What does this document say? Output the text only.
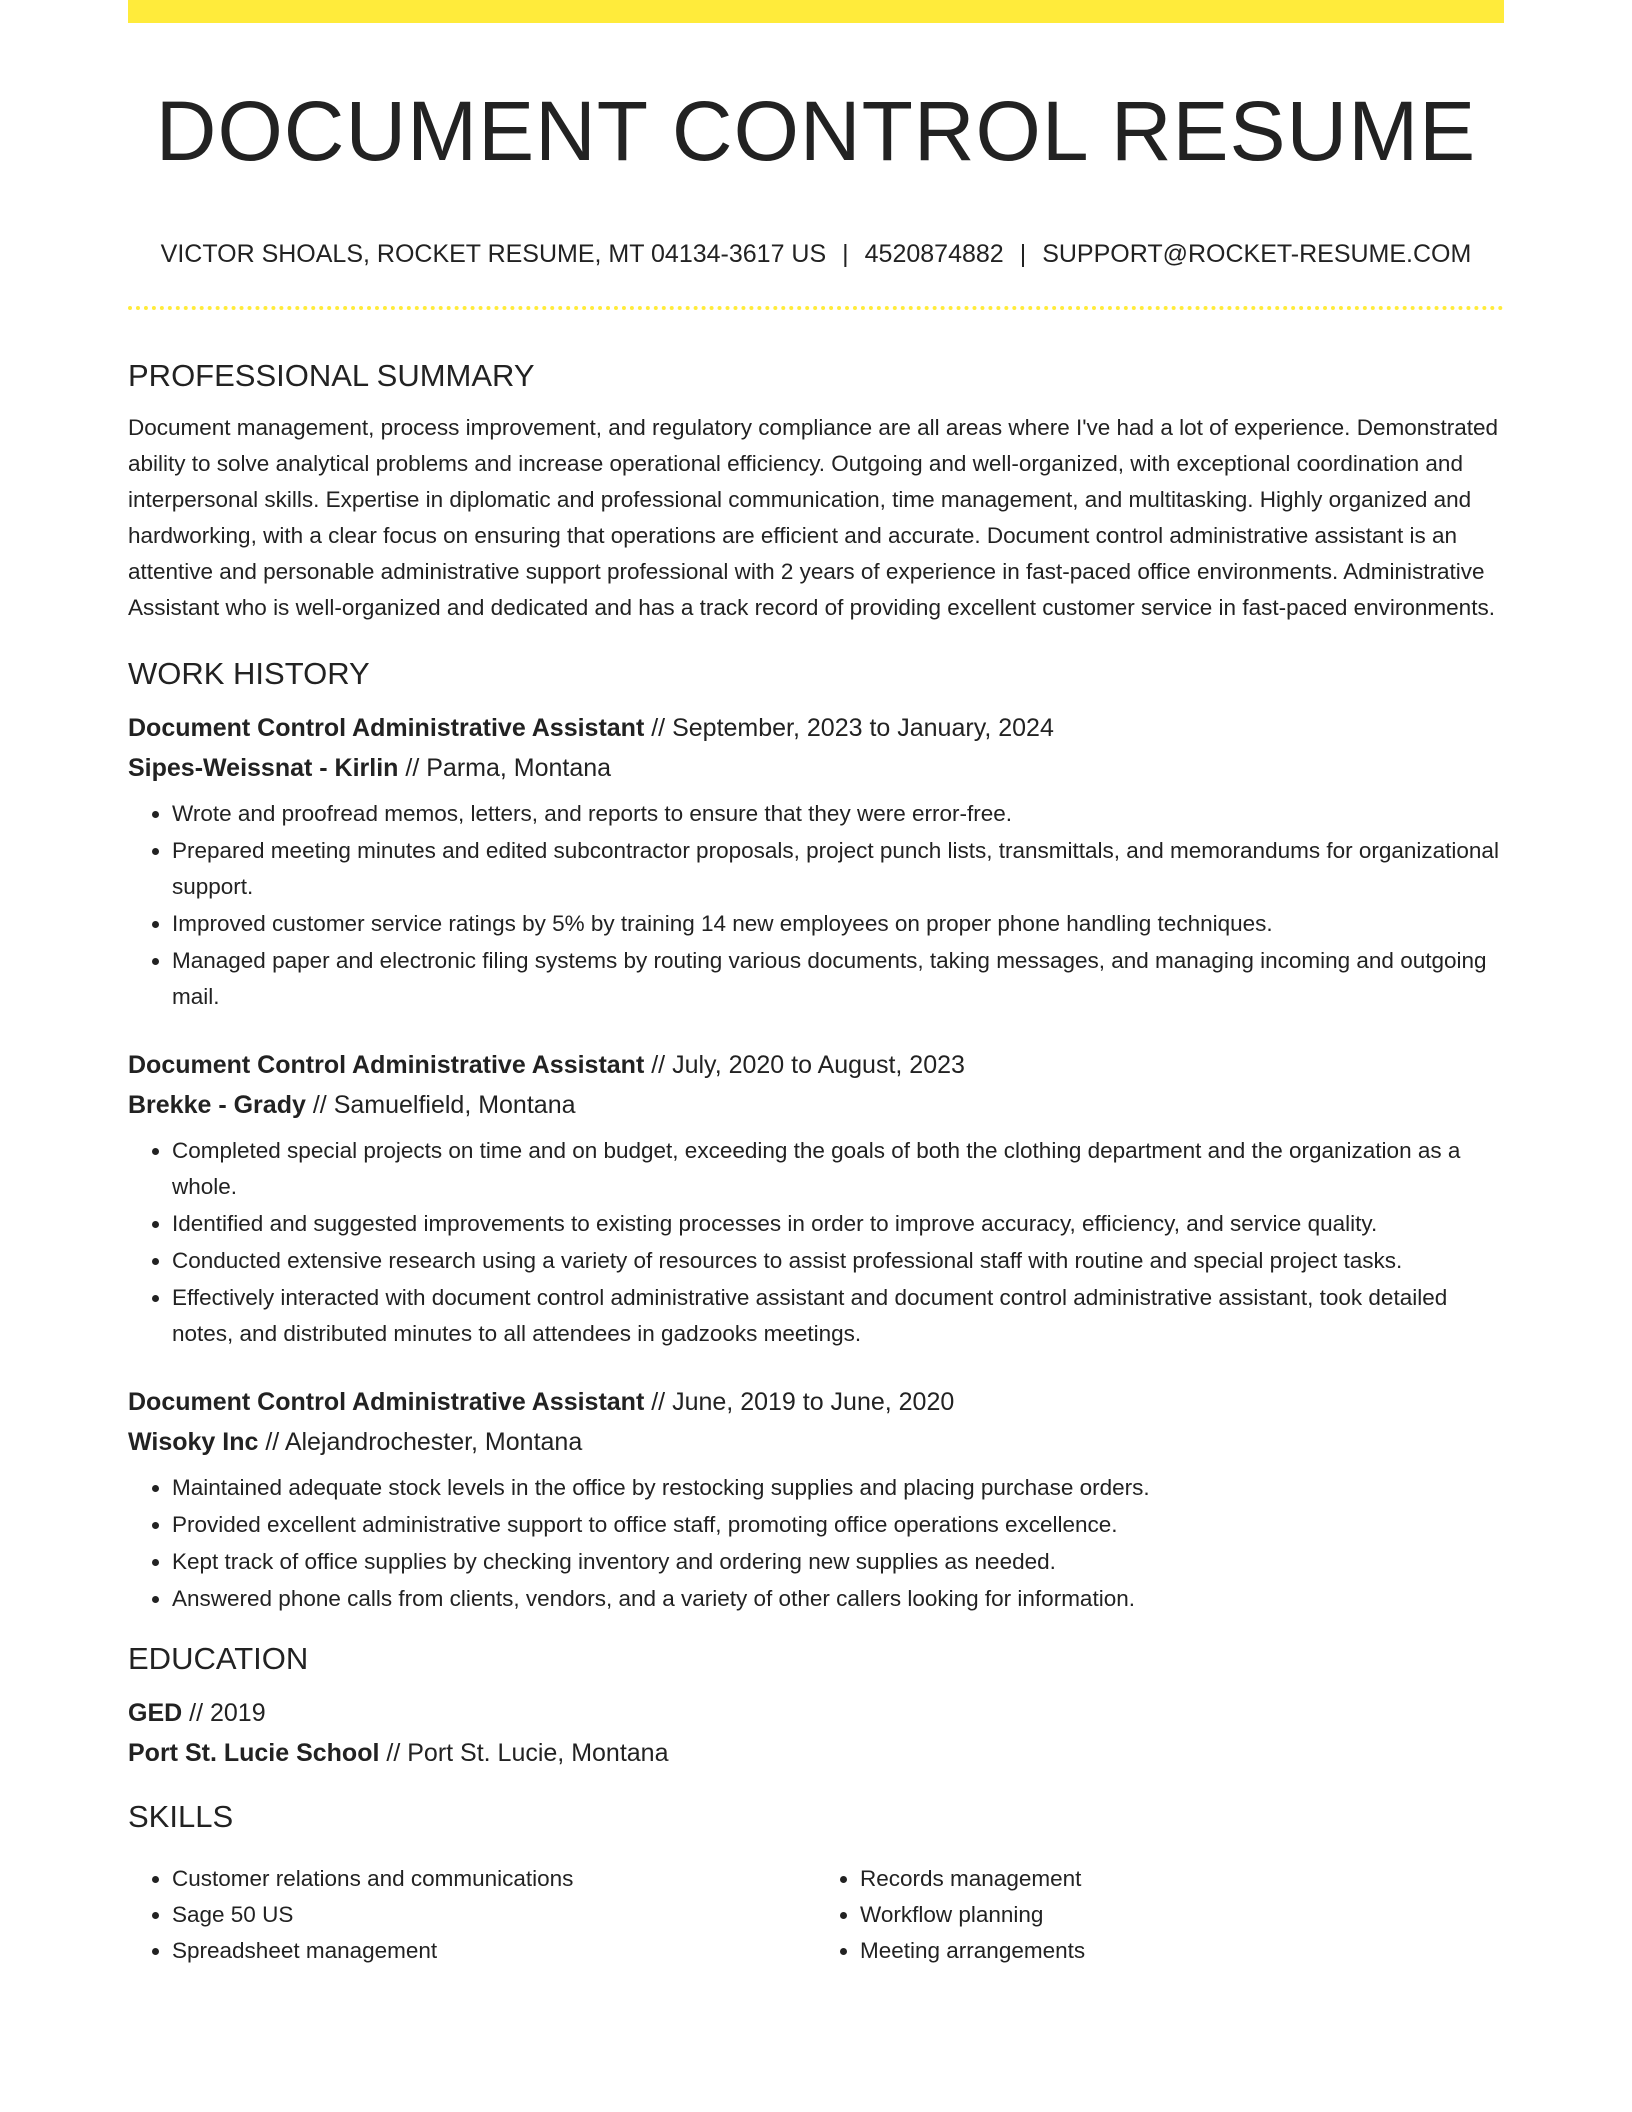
DOCUMENT CONTROL RESUME
VICTOR SHOALS, ROCKET RESUME, MT 04134-3617 US | 4520874882 | SUPPORT@ROCKET-RESUME.COM
PROFESSIONAL SUMMARY

Document management, process improvement, and regulatory compliance are all areas where I've had a lot of experience. Demonstrated ability to solve analytical problems and increase operational efficiency. Outgoing and well-organized, with exceptional coordination and interpersonal skills. Expertise in diplomatic and professional communication, time management, and multitasking. Highly organized and hardworking, with a clear focus on ensuring that operations are efficient and accurate. Document control administrative assistant is an attentive and personable administrative support professional with 2 years of experience in fast-paced office environments. Administrative Assistant who is well-organized and dedicated and has a track record of providing excellent customer service in fast-paced environments.

WORK HISTORY

Document Control Administrative Assistant // September, 2023 to January, 2024

Sipes-Weissnat - Kirlin // Parma, Montana

• Wrote and proofread memos, letters, and reports to ensure that they were error-free.
• Prepared meeting minutes and edited subcontractor proposals, project punch lists, transmittals, and memorandums for organizational support.
• Improved customer service ratings by 5% by training 14 new employees on proper phone handling techniques.
• Managed paper and electronic filing systems by routing various documents, taking messages, and managing incoming and outgoing mail.

Document Control Administrative Assistant // July, 2020 to August, 2023

Brekke - Grady // Samuelfield, Montana

• Completed special projects on time and on budget, exceeding the goals of both the clothing department and the organization as a whole.
• Identified and suggested improvements to existing processes in order to improve accuracy, efficiency, and service quality.
• Conducted extensive research using a variety of resources to assist professional staff with routine and special project tasks.
• Effectively interacted with document control administrative assistant and document control administrative assistant, took detailed notes, and distributed minutes to all attendees in gadzooks meetings.

Document Control Administrative Assistant // June, 2019 to June, 2020

Wisoky Inc // Alejandrochester, Montana

• Maintained adequate stock levels in the office by restocking supplies and placing purchase orders.
• Provided excellent administrative support to office staff, promoting office operations excellence.
• Kept track of office supplies by checking inventory and ordering new supplies as needed.
• Answered phone calls from clients, vendors, and a variety of other callers looking for information.
EDUCATION

GED // 2019

Port St. Lucie School // Port St. Lucie, Montana

SKILLS
• Customer relations and communications
• Sage 50 US
• Spreadsheet management
• Records management
• Workflow planning
• Meeting arrangements
